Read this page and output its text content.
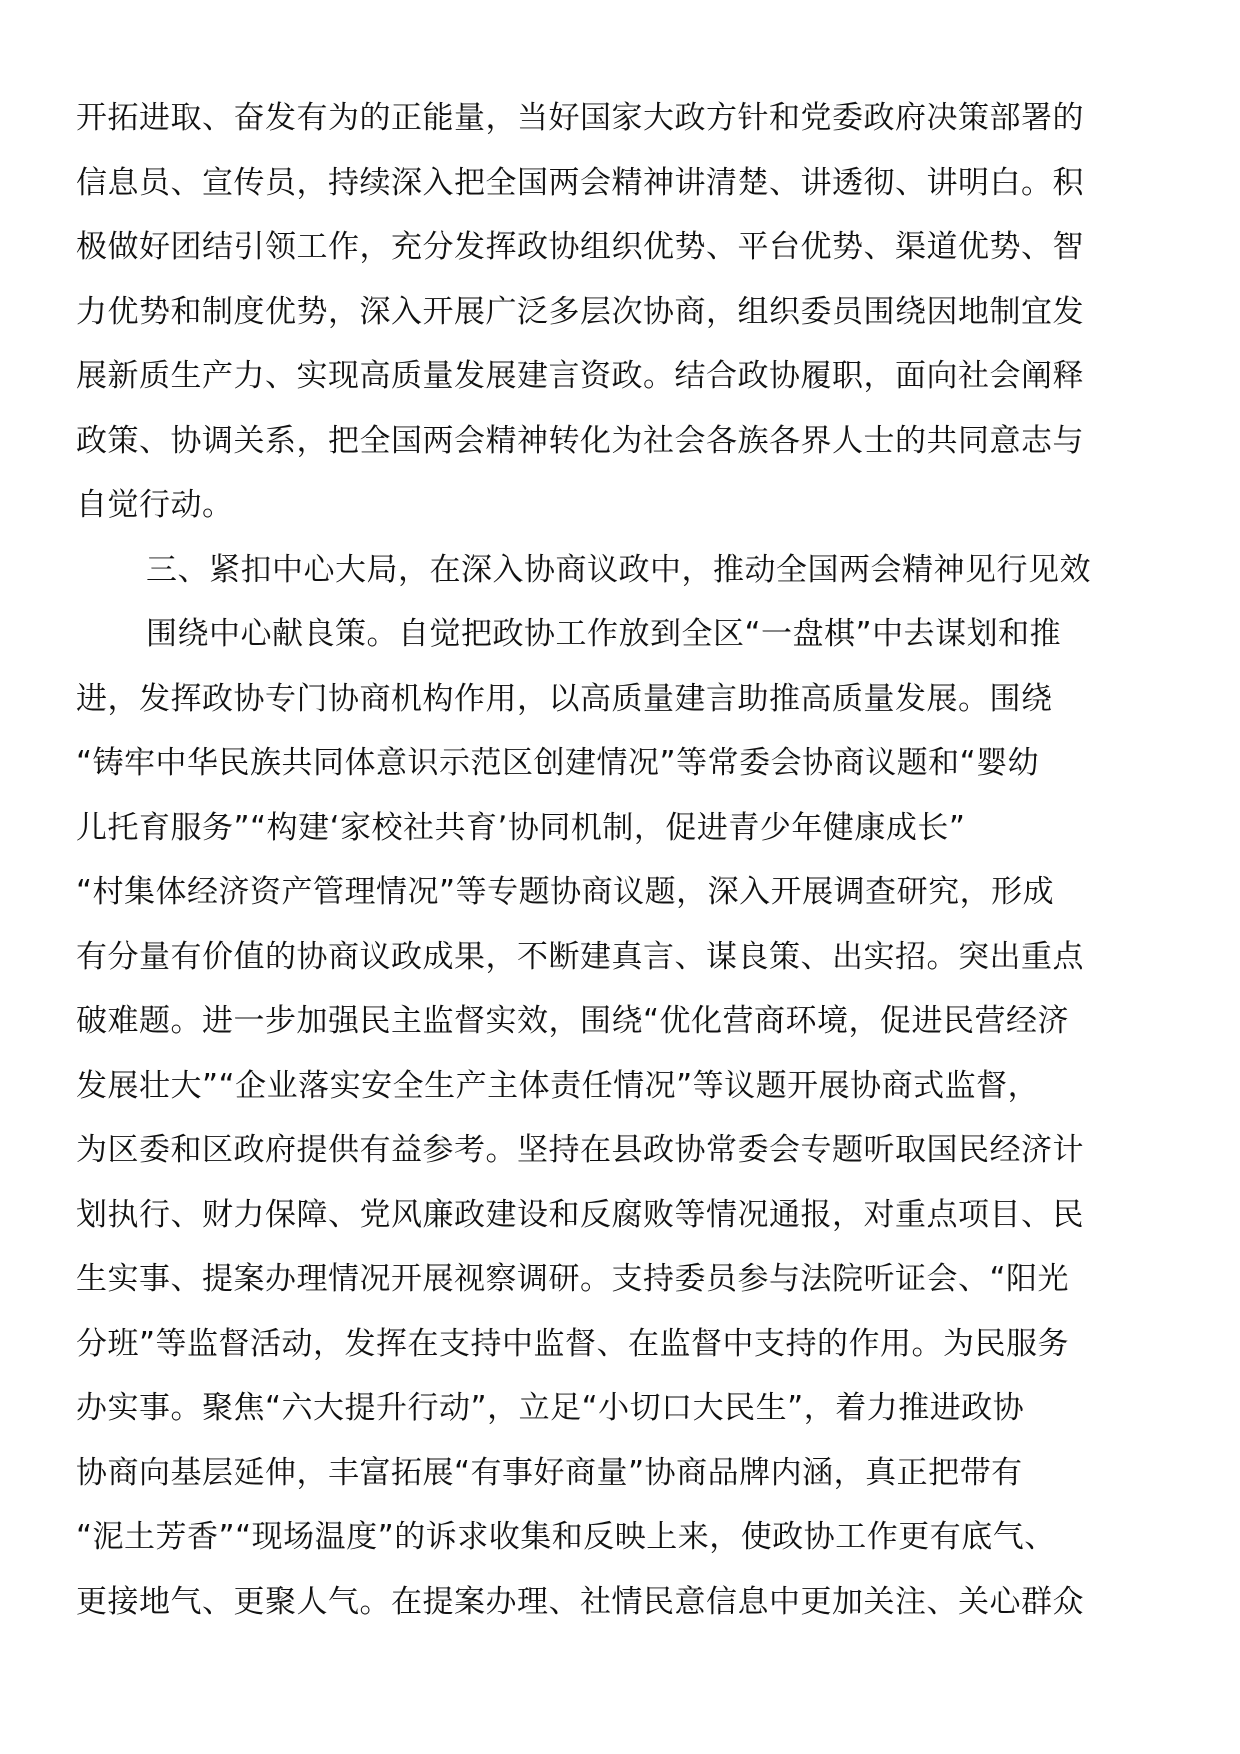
开拓进取、奋发有为的正能量，当好国家大政方针和党委政府决策部署的
信息员、宣传员，持续深入把全国两会精神讲清楚、讲透彻、讲明白。积
极做好团结引领工作，充分发挥政协组织优势、平台优势、渠道优势、智
力优势和制度优势，深入开展广泛多层次协商，组织委员围绕因地制宜发
展新质生产力、实现高质量发展建言资政。结合政协履职，面向社会阐释
政策、协调关系，把全国两会精神转化为社会各族各界人士的共同意志与
自觉行动。
三、紧扣中心大局，在深入协商议政中，推动全国两会精神见行见效
围绕中心献良策。自觉把政协工作放到全区“一盘棋”中去谋划和推
进，发挥政协专门协商机构作用，以高质量建言助推高质量发展。围绕
“铸牢中华民族共同体意识示范区创建情况”等常委会协商议题和“婴幼
儿托育服务”“构建‘家校社共育’协同机制，促进青少年健康成长”
“村集体经济资产管理情况”等专题协商议题，深入开展调查研究，形成
有分量有价值的协商议政成果，不断建真言、谋良策、出实招。突出重点
破难题。进一步加强民主监督实效，围绕“优化营商环境，促进民营经济
发展壮大”“企业落实安全生产主体责任情况”等议题开展协商式监督，
为区委和区政府提供有益参考。坚持在县政协常委会专题听取国民经济计
划执行、财力保障、党风廉政建设和反腐败等情况通报，对重点项目、民
生实事、提案办理情况开展视察调研。支持委员参与法院听证会、“阳光
分班”等监督活动，发挥在支持中监督、在监督中支持的作用。为民服务
办实事。聚焦“六大提升行动”，立足“小切口大民生”，着力推进政协
协商向基层延伸，丰富拓展“有事好商量”协商品牌内涵，真正把带有
“泥土芳香”“现场温度”的诉求收集和反映上来，使政协工作更有底气、
更接地气、更聚人气。在提案办理、社情民意信息中更加关注、关心群众
